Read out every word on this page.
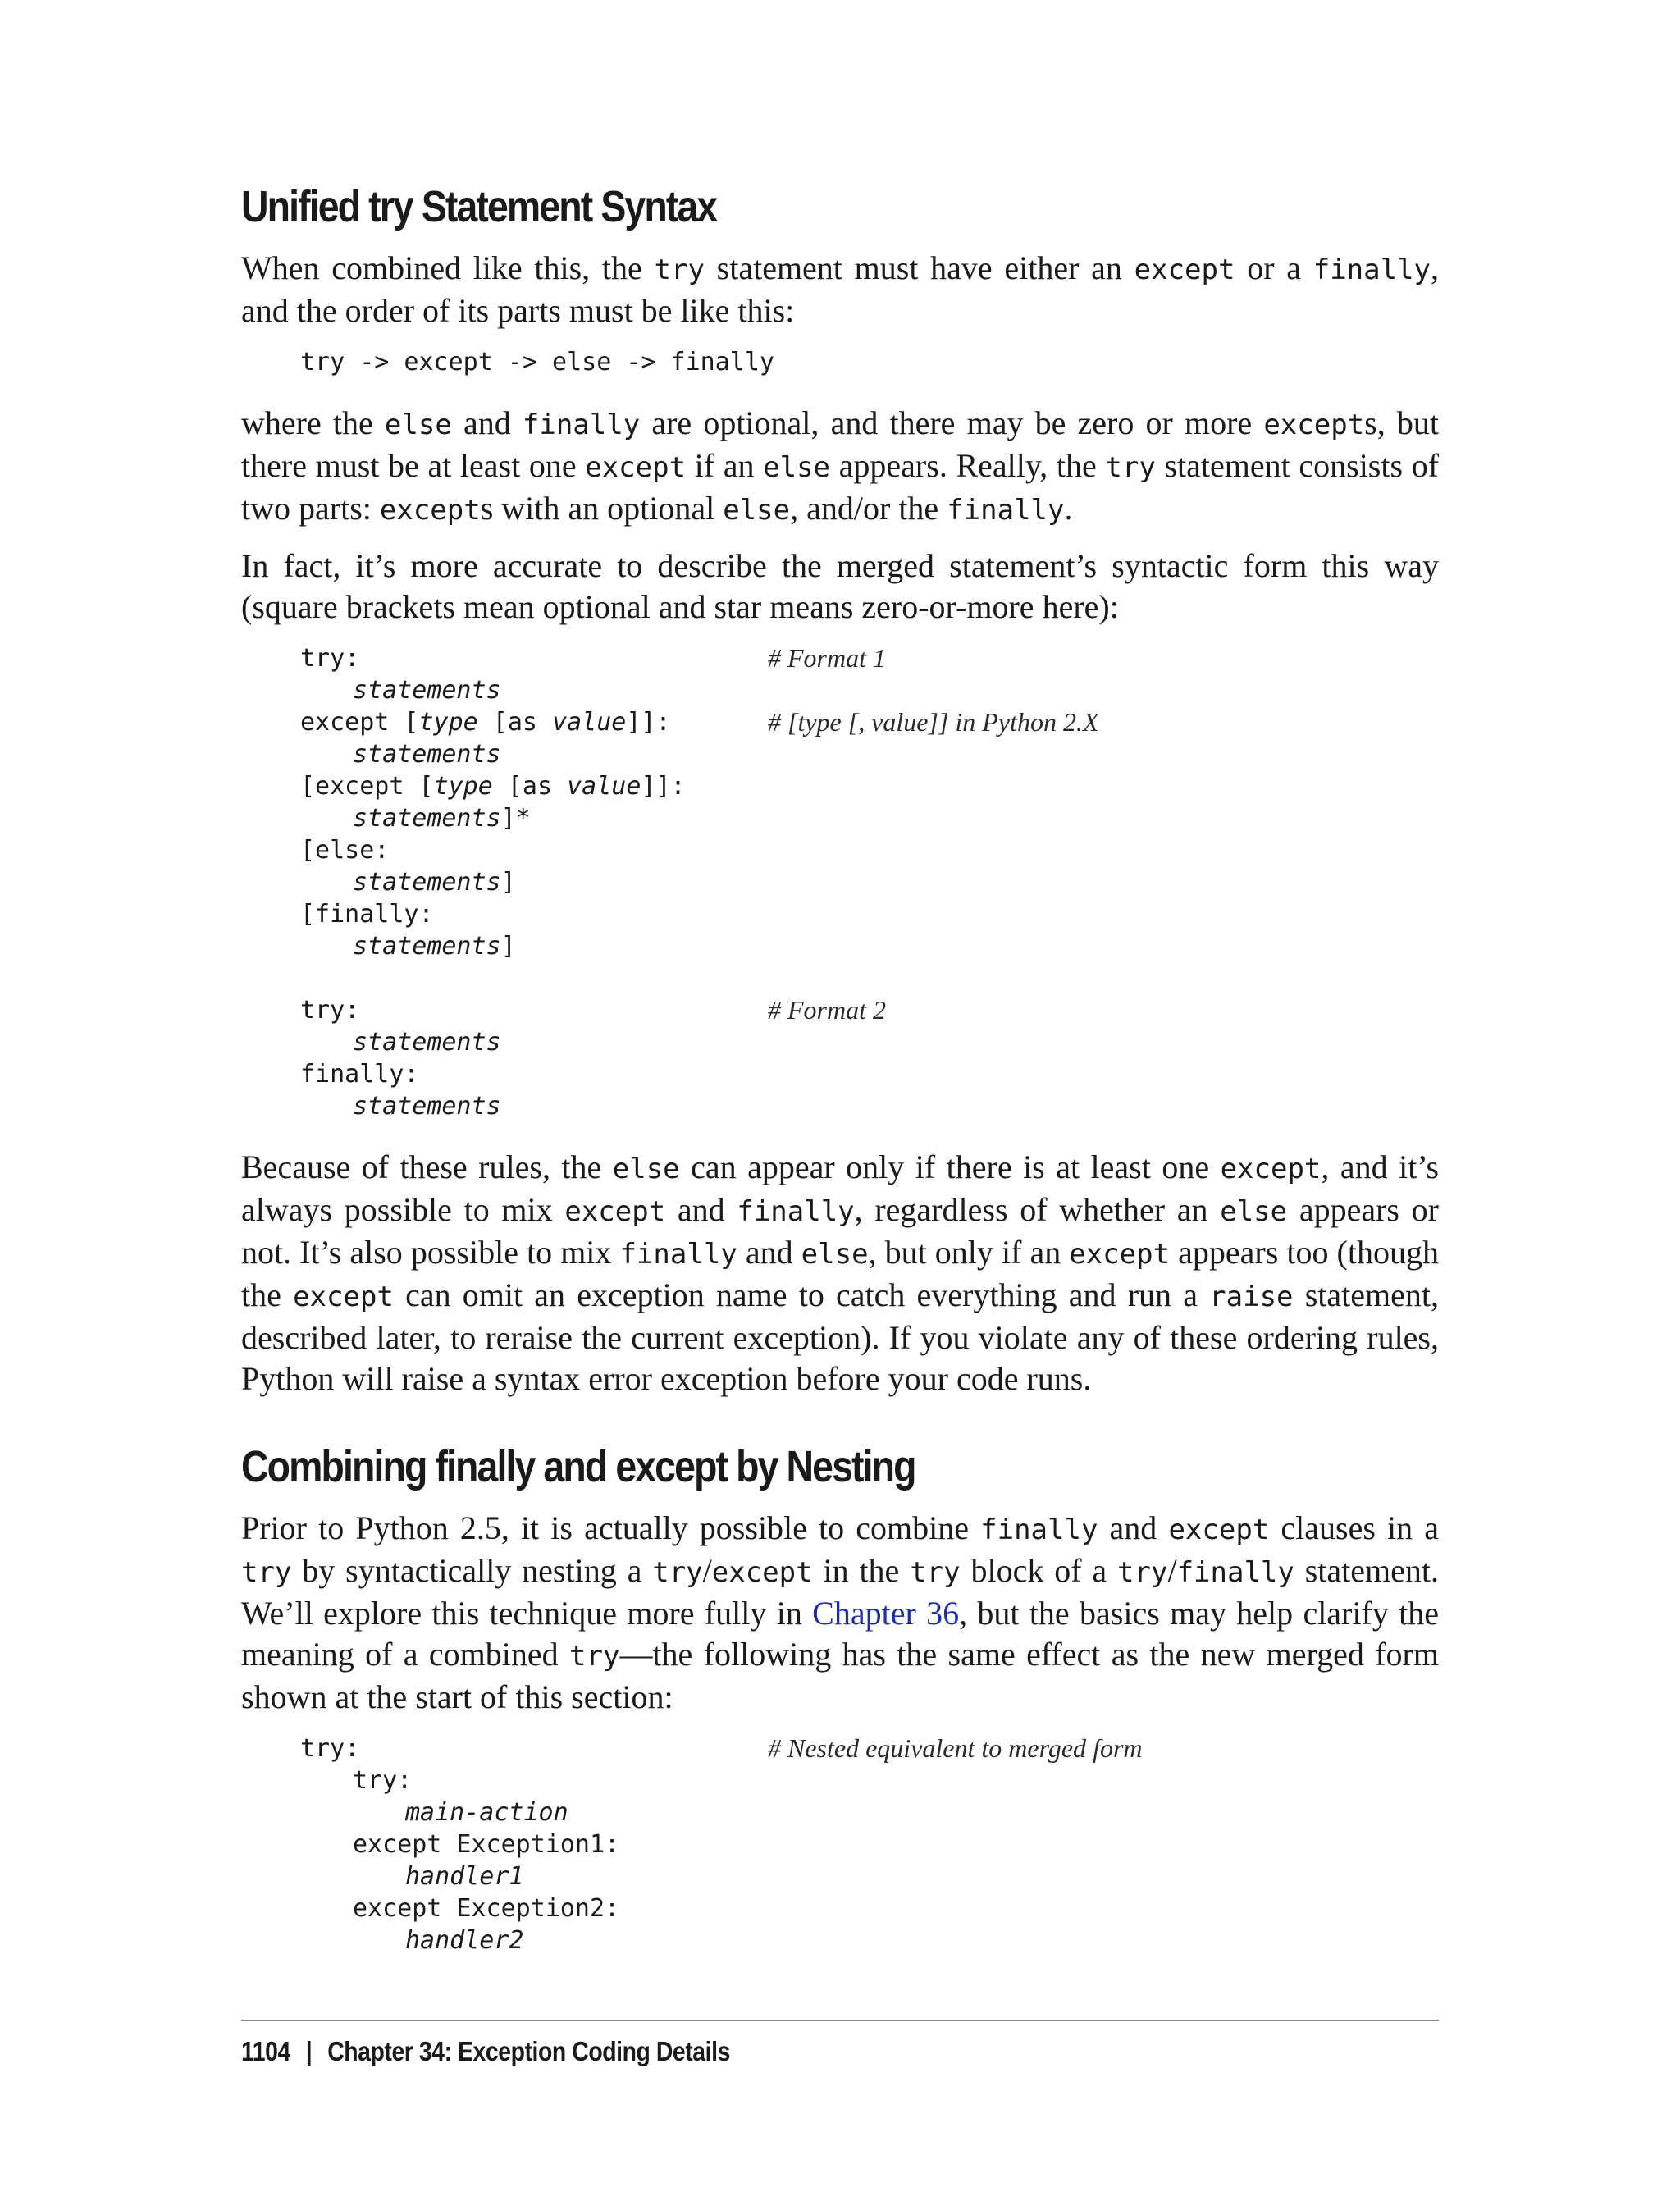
Unified try Statement Syntax

When combined like this, the try statement must have either an except or a finally, and the order of its parts must be like this:

try -> except -> else -> finally

where the else and finally are optional, and there may be zero or more excepts, but there must be at least one except if an else appears. Really, the try statement consists of two parts: excepts with an optional else, and/or the finally.

In fact, it’s more accurate to describe the merged statement’s syntactic form this way (square brackets mean optional and star means zero-or-more here):

try:	# Format 1
statements
except [type [as value]]:	# [type [, value]] in Python 2.X
statements
[except [type [as value]]:
statements]*
[else:
statements]
[finally:
statements]
try:	# Format 2
statements
finally:
statements

Because of these rules, the else can appear only if there is at least one except, and it’s always possible to mix except and finally, regardless of whether an else appears or not. It’s also possible to mix finally and else, but only if an except appears too (though the except can omit an exception name to catch everything and run a raise statement, described later, to reraise the current exception). If you violate any of these ordering rules, Python will raise a syntax error exception before your code runs.

Combining finally and except by Nesting

Prior to Python 2.5, it is actually possible to combine finally and except clauses in a try by syntactically nesting a try/except in the try block of a try/finally statement. We’ll explore this technique more fully in Chapter 36, but the basics may help clarify the meaning of a combined try—the following has the same effect as the new merged form shown at the start of this section:

try:	# Nested equivalent to merged form
try:
main-action
except Exception1:
handler1
except Exception2:
handler2
1104 | Chapter 34: Exception Coding Details
